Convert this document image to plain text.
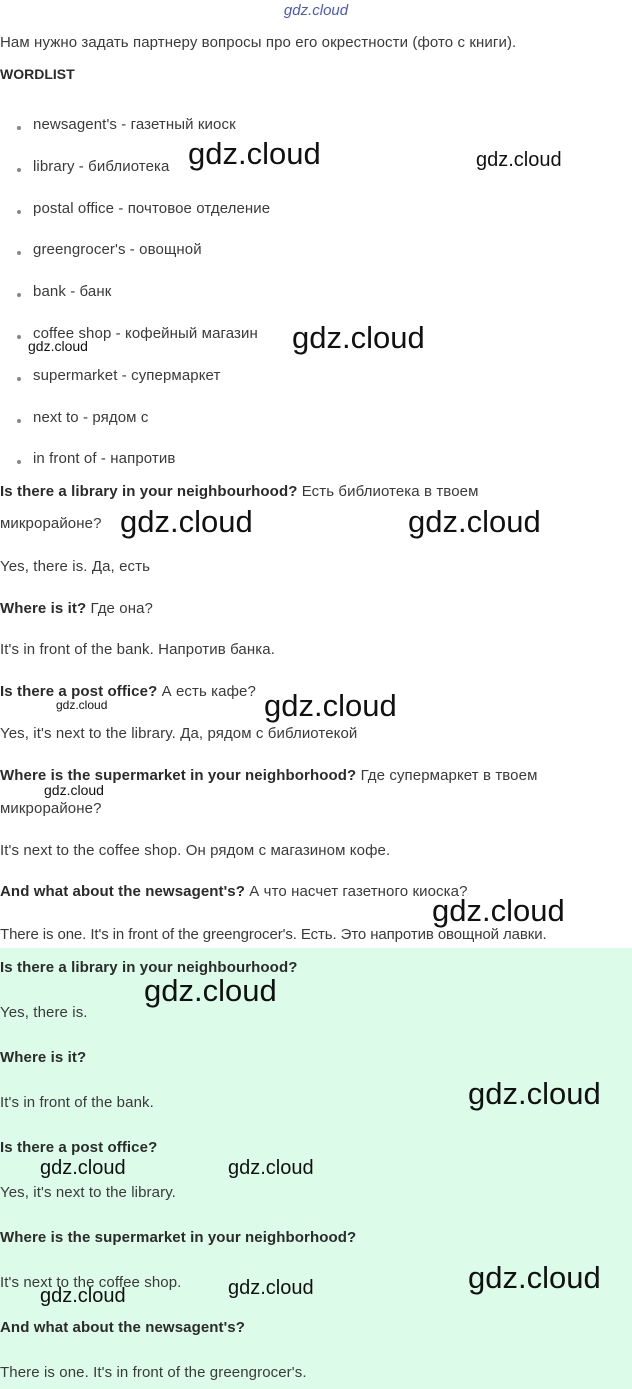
gdz.cloud
Нам нужно задать партнеру вопросы про его окрестности (фото с книги).
WORDLIST
newsagent's - газетный киоск
library - библиотека
postal office - почтовое отделение
greengrocer's - овощной
bank - банк
coffee shop - кофейный магазин
supermarket - супермаркет
next to - рядом с
in front of - напротив
Is there a library in your neighbourhood? Есть библиотека в твоем
микрорайоне?
Yes, there is. Да, есть
Where is it? Где она?
It's in front of the bank. Напротив банка.
Is there a post office? А есть кафе?
Yes, it's next to the library. Да, рядом с библиотекой
Where is the supermarket in your neighborhood? Где супермаркет в твоем
микрорайоне?
It's next to the coffee shop. Он рядом с магазином кофе.
And what about the newsagent's? А что насчет газетного киоска?
There is one. It's in front of the greengrocer's. Есть. Это напротив овощной лавки.
Is there a library in your neighbourhood?
Yes, there is.
Where is it?
It's in front of the bank.
Is there a post office?
Yes, it's next to the library.
Where is the supermarket in your neighborhood?
It's next to the coffee shop.
And what about the newsagent's?
There is one. It's in front of the greengrocer's.
gdz.cloud	gdz.cloud
gdz.cloud
gdz.cloud
gdz.cloud	gdz.cloud
gdz.cloud
gdz.cloud
gdz.cloud
gdz.cloud
gdz.cloud
gdz.cloud
gdz.cloud	gdz.cloud
gdz.cloud
gdz.cloud
gdz.cloud
